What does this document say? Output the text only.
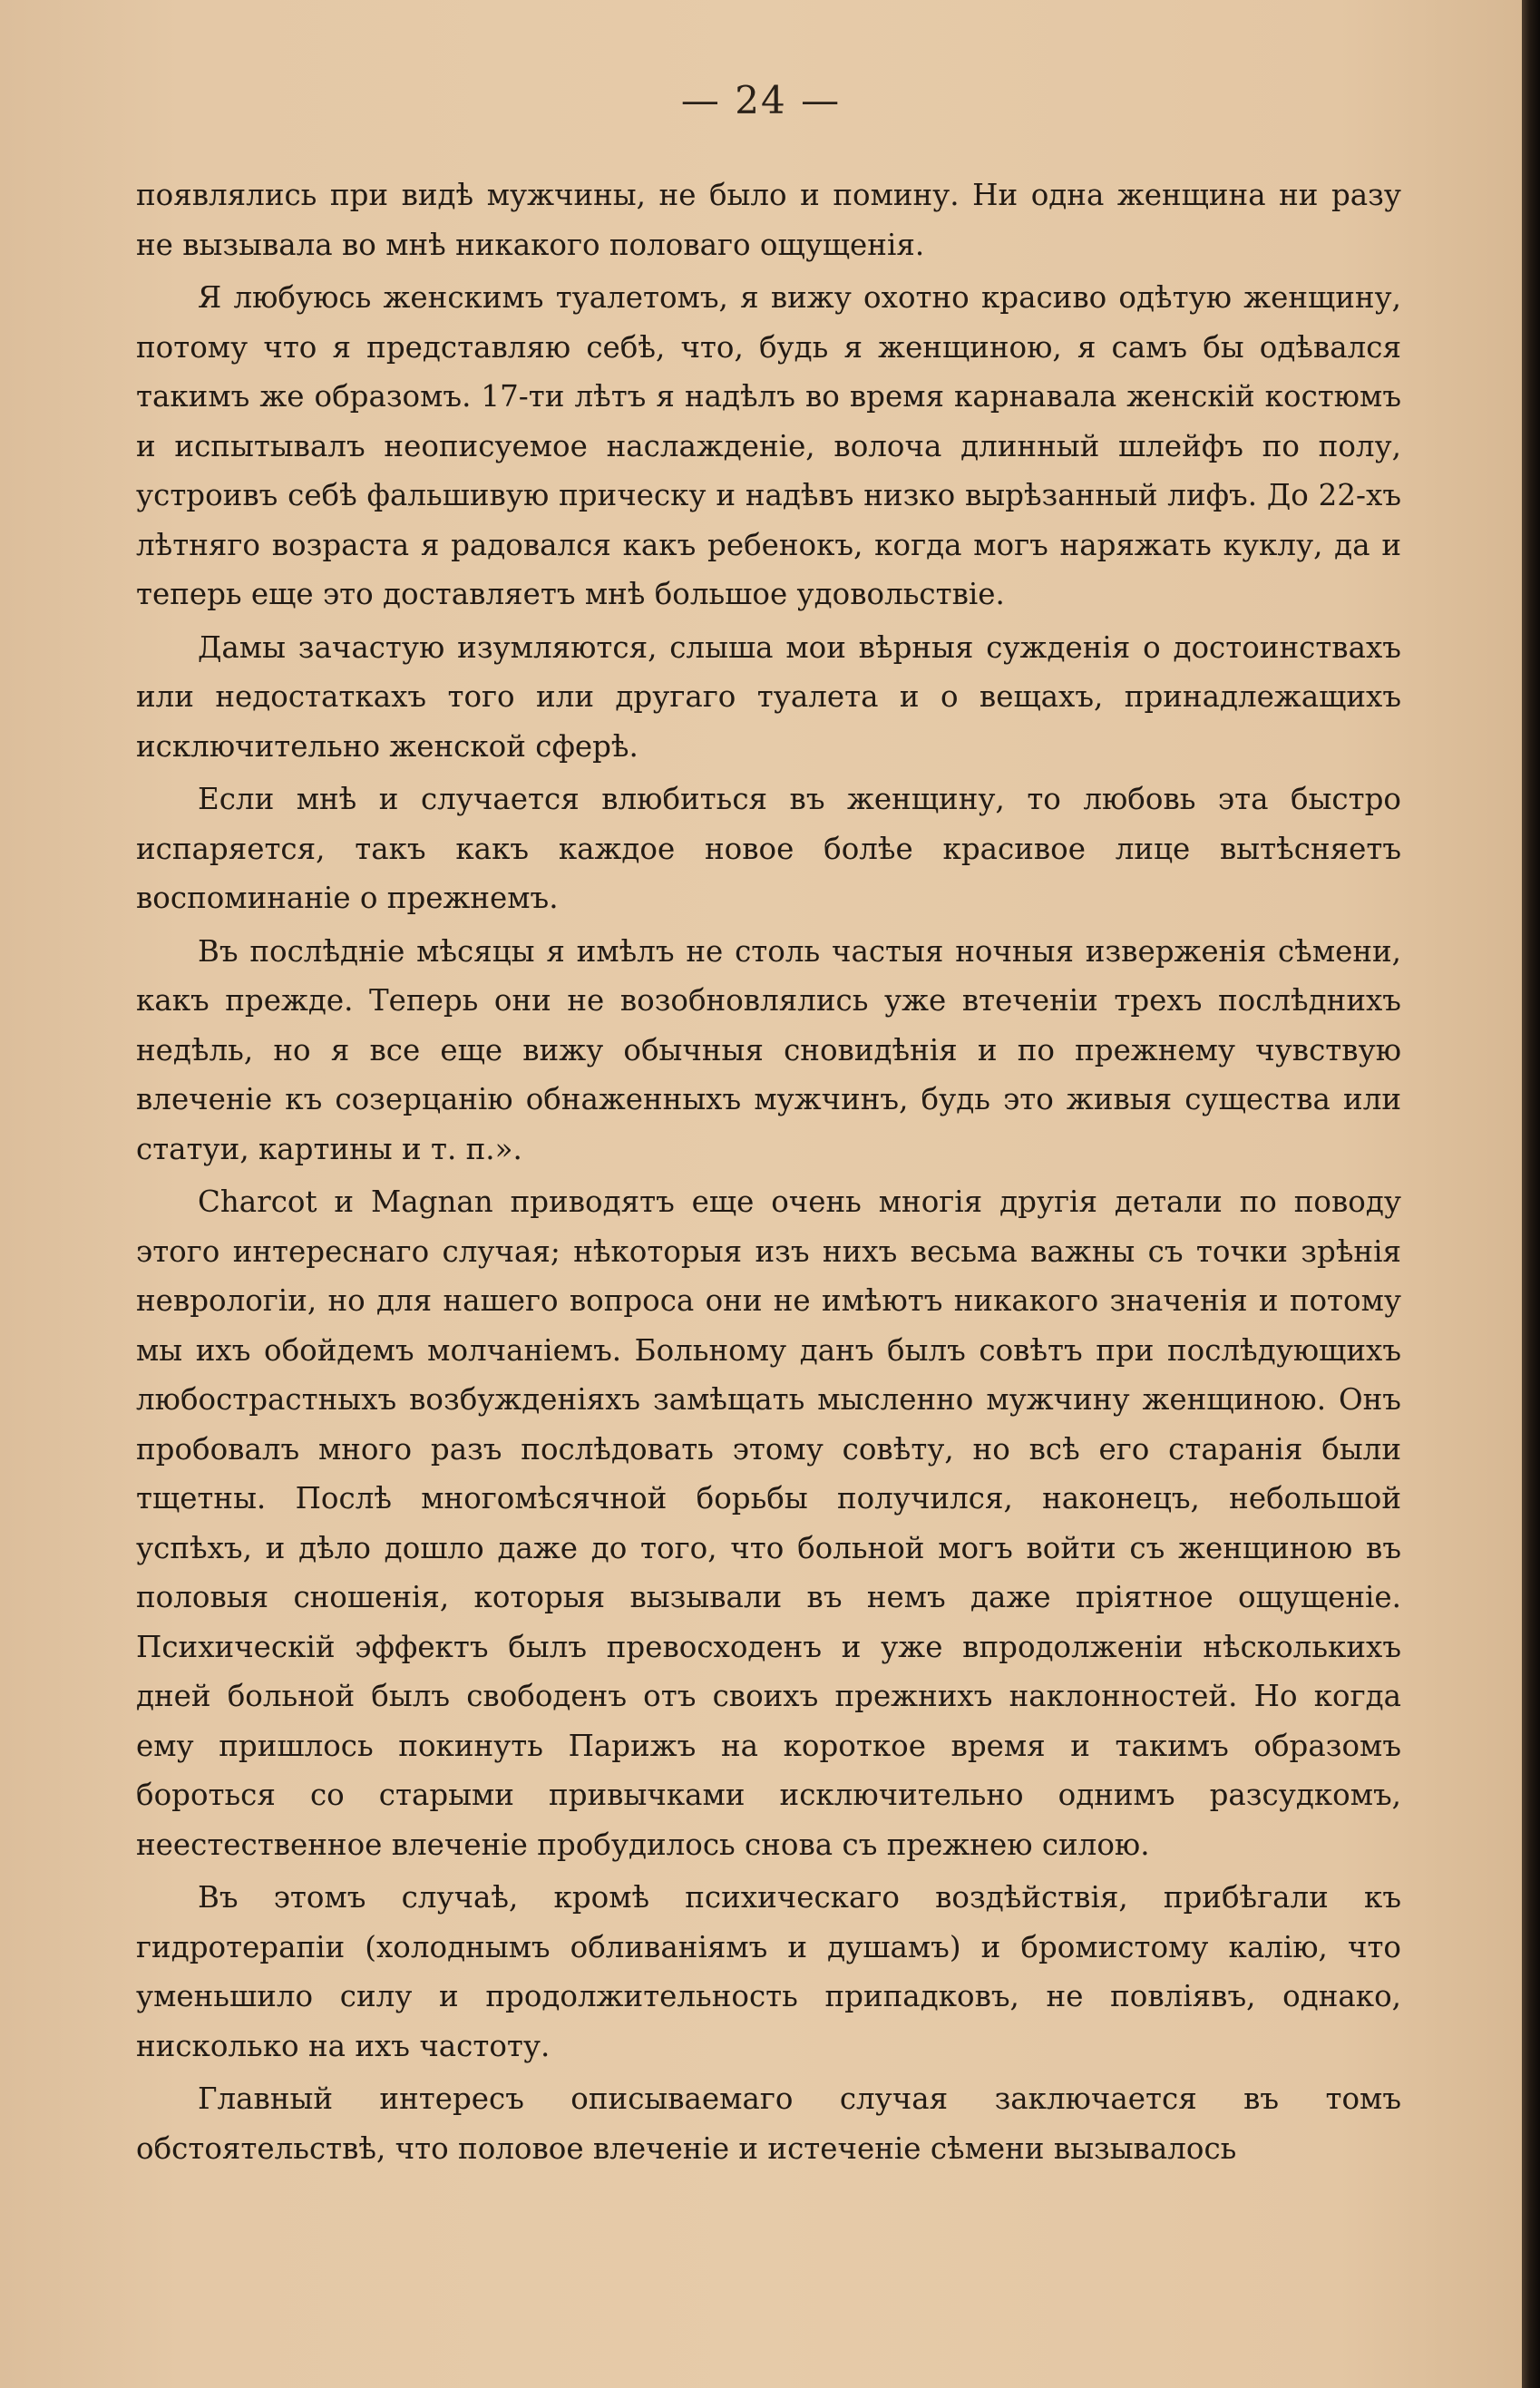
— 24 —

появлялись при видѣ мужчины, не было и помину. Ни одна женщина ни разу не вызывала во мнѣ никакого половаго ощущенія.

Я любуюсь женскимъ туалетомъ, я вижу охотно красиво одѣтую женщину, потому что я представляю себѣ, что, будь я женщиною, я самъ бы одѣвался такимъ же образомъ. 17-ти лѣтъ я надѣлъ во время карнавала женскій костюмъ и испытывалъ неописуемое наслажденіе, волоча длинный шлейфъ по полу, устроивъ себѣ фальшивую прическу и надѣвъ низко вырѣзанный лифъ. До 22-хъ лѣтняго возраста я радовался какъ ребенокъ, когда могъ наряжать куклу, да и теперь еще это доставляетъ мнѣ большое удовольствіе.

Дамы зачастую изумляются, слыша мои вѣрныя сужденія о достоинствахъ или недостаткахъ того или другаго туалета и о вещахъ, принадлежащихъ исключительно женской сферѣ.

Если мнѣ и случается влюбиться въ женщину, то любовь эта быстро испаряется, такъ какъ каждое новое болѣе красивое лице вытѣсняетъ воспоминаніе о прежнемъ.

Въ послѣдніе мѣсяцы я имѣлъ не столь частыя ночныя изверженія сѣмени, какъ прежде. Теперь они не возобновлялись уже втеченіи трехъ послѣднихъ недѣль, но я все еще вижу обычныя сновидѣнія и по прежнему чувствую влеченіе къ созерцанію обнаженныхъ мужчинъ, будь это живыя существа или статуи, картины и т. п.».

Charcot и Magnan приводятъ еще очень многія другія детали по поводу этого интереснаго случая; нѣкоторыя изъ нихъ весьма важны съ точки зрѣнія неврологіи, но для нашего вопроса они не имѣютъ никакого значенія и потому мы ихъ обойдемъ молчаніемъ. Больному данъ былъ совѣтъ при послѣдующихъ любострастныхъ возбужденіяхъ замѣщать мысленно мужчину женщиною. Онъ пробовалъ много разъ послѣдовать этому совѣту, но всѣ его старанія были тщетны. Послѣ многомѣсячной борьбы получился, наконецъ, небольшой успѣхъ, и дѣло дошло даже до того, что больной могъ войти съ женщиною въ половыя сношенія, которыя вызывали въ немъ даже пріятное ощущеніе. Психическій эффектъ былъ превосходенъ и уже впродолженіи нѣсколькихъ дней больной былъ свободенъ отъ своихъ прежнихъ наклонностей. Но когда ему пришлось покинуть Парижъ на короткое время и такимъ образомъ бороться со старыми привычками исключительно однимъ разсудкомъ, неестественное влеченіе пробудилось снова съ прежнею силою.

Въ этомъ случаѣ, кромѣ психическаго воздѣйствія, прибѣгали къ гидротерапіи (холоднымъ обливаніямъ и душамъ) и бромистому калію, что уменьшило силу и продолжительность припадковъ, не повліявъ, однако, нисколько на ихъ частоту.

Главный интересъ описываемаго случая заключается въ томъ обстоятельствѣ, что половое влеченіе и истеченіе сѣмени вызывалось
